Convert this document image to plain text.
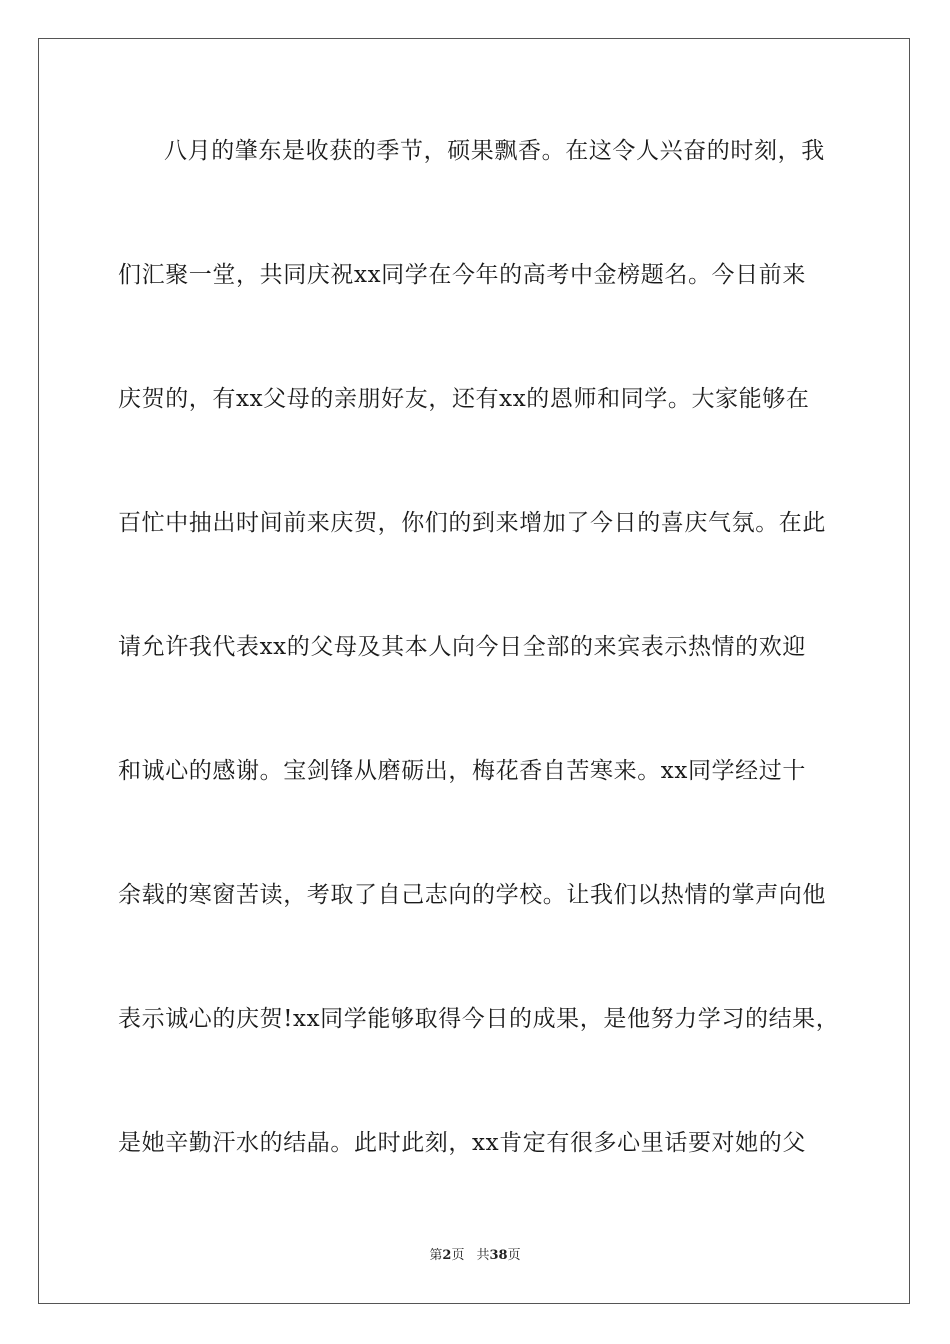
八月的肇东是收获的季节，硕果飘香。在这令人兴奋的时刻，我
们汇聚一堂，共同庆祝xx同学在今年的高考中金榜题名。今日前来
庆贺的，有xx父母的亲朋好友，还有xx的恩师和同学。大家能够在
百忙中抽出时间前来庆贺，你们的到来增加了今日的喜庆气氛。在此
请允许我代表xx的父母及其本人向今日全部的来宾表示热情的欢迎
和诚心的感谢。宝剑锋从磨砺出，梅花香自苦寒来。xx同学经过十
余载的寒窗苦读，考取了自己志向的学校。让我们以热情的掌声向他
表示诚心的庆贺!xx同学能够取得今日的成果，是他努力学习的结果，
是她辛勤汗水的结晶。此时此刻，xx肯定有很多心里话要对她的父
第2页 共38页
